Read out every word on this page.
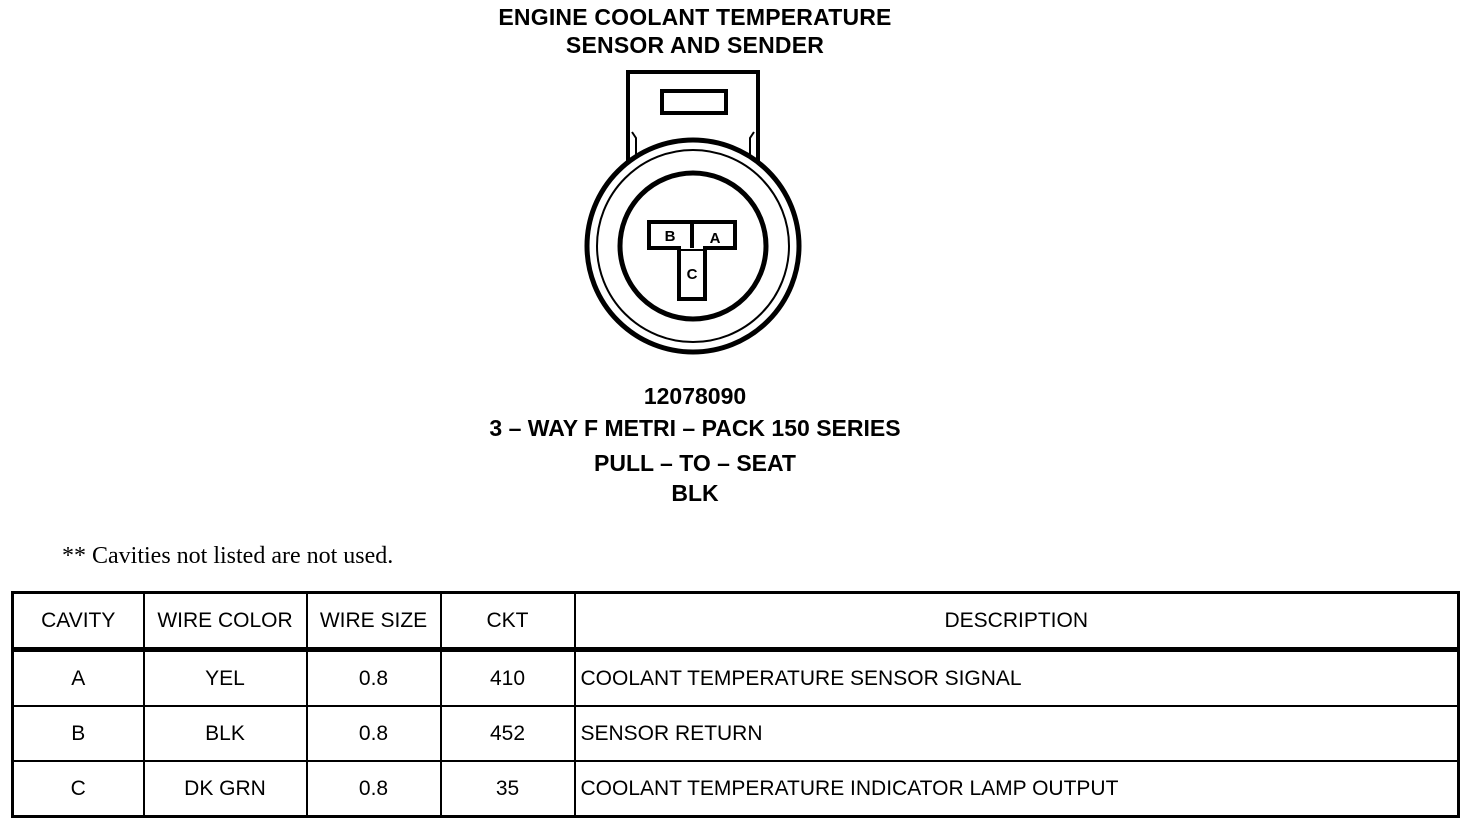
ENGINE COOLANT TEMPERATURE
SENSOR AND SENDER
B A
C
12078090
3 – WAY F METRI – PACK 150 SERIES
PULL – TO – SEAT
BLK
** Cavities not listed are not used.
CAVITY	WIRE COLOR	WIRE SIZE	CKT	DESCRIPTION
A	YEL	0.8	410	COOLANT TEMPERATURE SENSOR SIGNAL
B	BLK	0.8	452	SENSOR RETURN
C	DK GRN	0.8	35	COOLANT TEMPERATURE INDICATOR LAMP OUTPUT
